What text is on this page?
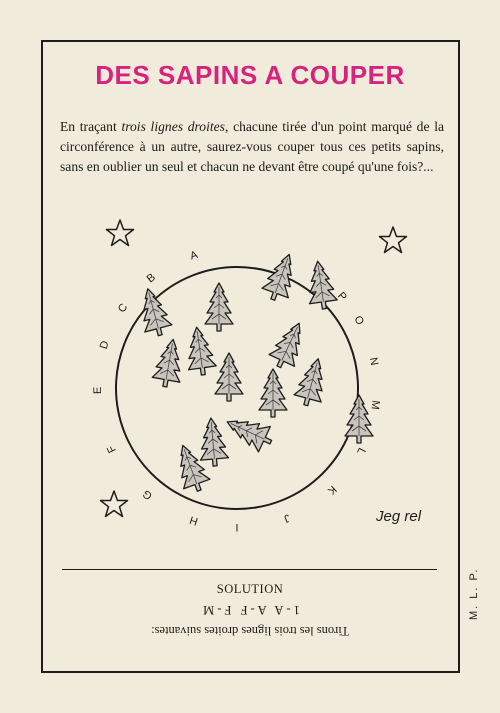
DES SAPINS A COUPER

En traçant trois lignes droites, chacune tirée d'un point marqué de la circonférence à un autre, saurez-vous couper tous ces petits sapins, sans en oublier un seul et chacun ne devant être coupé qu'une fois?...

A
B
C
D
E
F
G
H	I
J
K
L
M
N
O
P
Jeg rel
SOLUTION

1-A A-F F-M

Tirons les trois lignes droites suivantes:

M. L. P.
